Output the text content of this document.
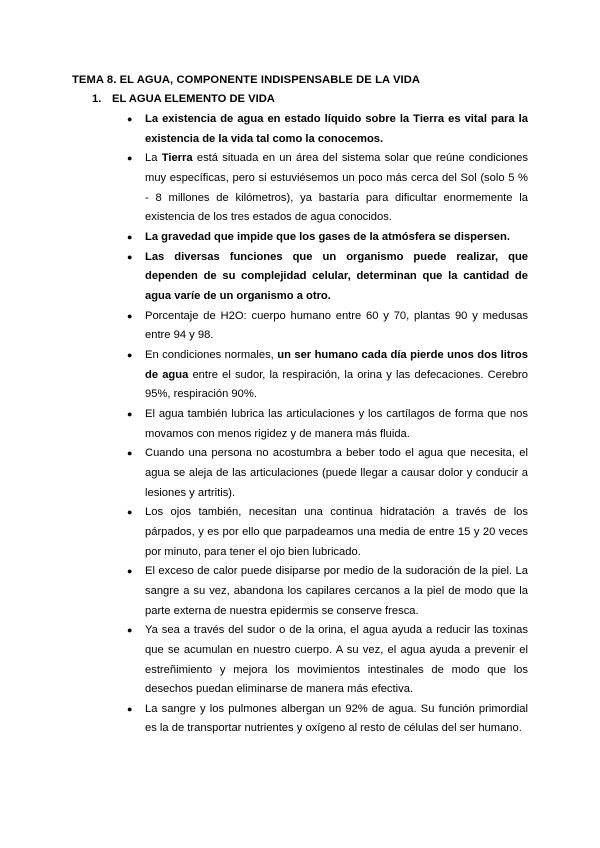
TEMA 8. EL AGUA, COMPONENTE INDISPENSABLE DE LA VIDA
1. EL AGUA ELEMENTO DE VIDA
● La existencia de agua en estado líquido sobre la Tierra es vital para la existencia de la vida tal como la conocemos.
● La Tierra está situada en un área del sistema solar que reúne condiciones muy específicas, pero si estuviésemos un poco más cerca del Sol (solo 5 % - 8 millones de kilómetros), ya bastaría para dificultar enormemente la existencia de los tres estados de agua conocidos.
● La gravedad que impide que los gases de la atmósfera se dispersen.
● Las diversas funciones que un organismo puede realizar, que dependen de su complejidad celular, determinan que la cantidad de agua varíe de un organismo a otro.
● Porcentaje de H2O: cuerpo humano entre 60 y 70, plantas 90 y medusas entre 94 y 98.
● En condiciones normales, un ser humano cada día pierde unos dos litros de agua entre el sudor, la respiración, la orina y las defecaciones. Cerebro 95%, respiración 90%.
● El agua también lubrica las articulaciones y los cartílagos de forma que nos movamos con menos rigidez y de manera más fluida.
● Cuando una persona no acostumbra a beber todo el agua que necesita, el agua se aleja de las articulaciones (puede llegar a causar dolor y conducir a lesiones y artritis).
● Los ojos también, necesitan una continua hidratación a través de los párpados, y es por ello que parpadeamos una media de entre 15 y 20 veces por minuto, para tener el ojo bien lubricado.
● El exceso de calor puede disiparse por medio de la sudoración de la piel. La sangre a su vez, abandona los capilares cercanos a la piel de modo que la parte externa de nuestra epidermis se conserve fresca.
● Ya sea a través del sudor o de la orina, el agua ayuda a reducir las toxinas que se acumulan en nuestro cuerpo. A su vez, el agua ayuda a prevenir el estreñimiento y mejora los movimientos intestinales de modo que los desechos puedan eliminarse de manera más efectiva.
● La sangre y los pulmones albergan un 92% de agua. Su función primordial es la de transportar nutrientes y oxígeno al resto de células del ser humano.
